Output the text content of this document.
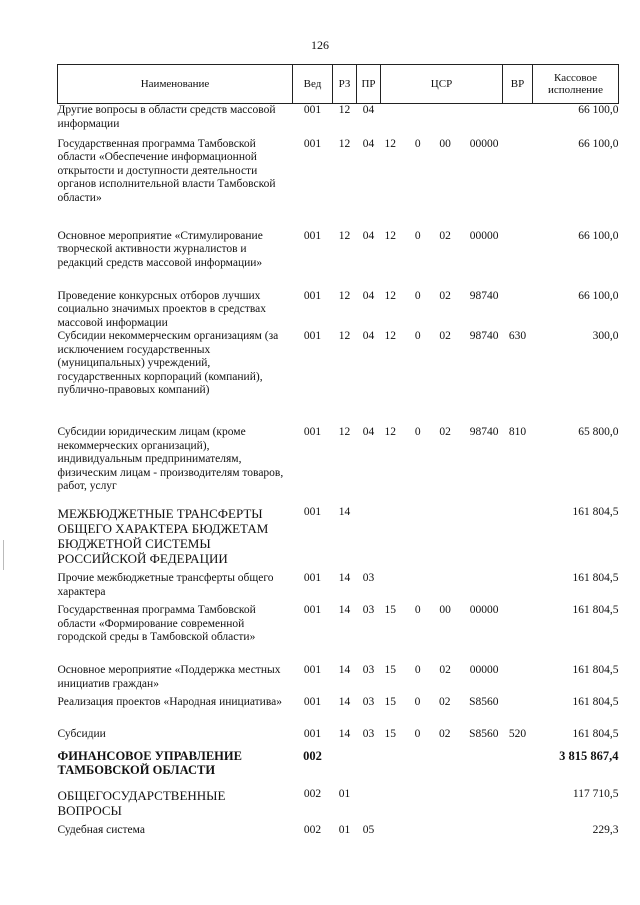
126
Наименование	Вед	РЗ	ПР	ЦСР	ВР	Кассовое исполнение
Другие вопросы в области средств массовой информации	001	12	04			66 100,0
Государственная программа Тамбовской области «Обеспечение информационной открытости и доступности деятельности органов исполнительной власти Тамбовской области»	001	12	04	12 0 00 00000		66 100,0
Основное мероприятие «Стимулирование творческой активности журналистов и редакций средств массовой информации»	001	12	04	12 0 02 00000		66 100,0
Проведение конкурсных отборов лучших социально значимых проектов в средствах массовой информации	001	12	04	12 0 02 98740		66 100,0
Субсидии некоммерческим организациям (за исключением государственных (муниципальных) учреждений, государственных корпораций (компаний), публично-правовых компаний)	001	12	04	12 0 02 98740	630	300,0
Субсидии юридическим лицам (кроме некоммерческих организаций), индивидуальным предпринимателям, физическим лицам - производителям товаров, работ, услуг	001	12	04	12 0 02 98740	810	65 800,0
МЕЖБЮДЖЕТНЫЕ ТРАНСФЕРТЫ ОБЩЕГО ХАРАКТЕРА БЮДЖЕТАМ БЮДЖЕТНОЙ СИСТЕМЫ РОССИЙСКОЙ ФЕДЕРАЦИИ	001	14				161 804,5
Прочие межбюджетные трансферты общего характера	001	14	03			161 804,5
Государственная программа Тамбовской области «Формирование современной городской среды в Тамбовской области»	001	14	03	15 0 00 00000		161 804,5
Основное мероприятие «Поддержка местных инициатив граждан»	001	14	03	15 0 02 00000		161 804,5
Реализация проектов «Народная инициатива»	001	14	03	15 0 02 S8560		161 804,5
Субсидии	001	14	03	15 0 02 S8560	520	161 804,5
ФИНАНСОВОЕ УПРАВЛЕНИЕ ТАМБОВСКОЙ ОБЛАСТИ	002					3 815 867,4
ОБЩЕГОСУДАРСТВЕННЫЕ ВОПРОСЫ	002	01				117 710,5
Судебная система	002	01	05			229,3
